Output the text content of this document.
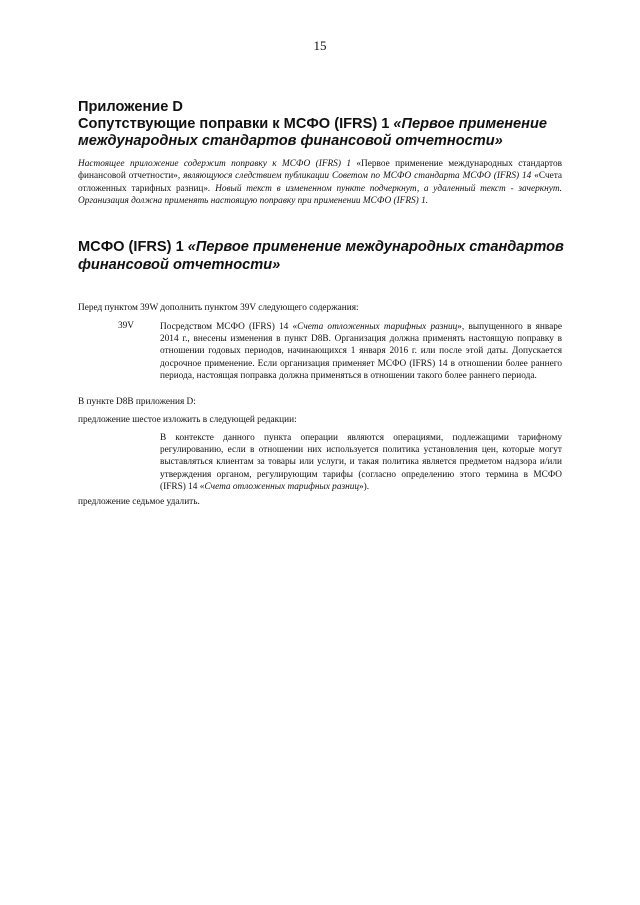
15
Приложение D
Сопутствующие поправки к МСФО (IFRS) 1 «Первое применение международных стандартов финансовой отчетности»
Настоящее приложение содержит поправку к МСФО (IFRS) 1 «Первое применение международных стандартов финансовой отчетности», являющуюся следствием публикации Советом по МСФО стандарта МСФО (IFRS) 14 «Счета отложенных тарифных разниц». Новый текст в измененном пункте подчеркнут, а удаленный текст - зачеркнут. Организация должна применять настоящую поправку при применении МСФО (IFRS) 1.
МСФО (IFRS) 1 «Первое применение международных стандартов финансовой отчетности»
Перед пунктом 39W дополнить пунктом 39V следующего содержания:
39V	Посредством МСФО (IFRS) 14 «Счета отложенных тарифных разниц», выпущенного в январе 2014 г., внесены изменения в пункт D8B. Организация должна применять настоящую поправку в отношении годовых периодов, начинающихся 1 января 2016 г. или после этой даты. Допускается досрочное применение. Если организация применяет МСФО (IFRS) 14 в отношении более раннего периода, настоящая поправка должна применяться в отношении такого более раннего периода.
В пункте D8B приложения D:
предложение шестое изложить в следующей редакции:
В контексте данного пункта операции являются операциями, подлежащими тарифному регулированию, если в отношении них используется политика установления цен, которые могут выставляться клиентам за товары или услуги, и такая политика является предметом надзора и/или утверждения органом, регулирующим тарифы (согласно определению этого термина в МСФО (IFRS) 14 «Счета отложенных тарифных разниц»).
предложение седьмое удалить.
